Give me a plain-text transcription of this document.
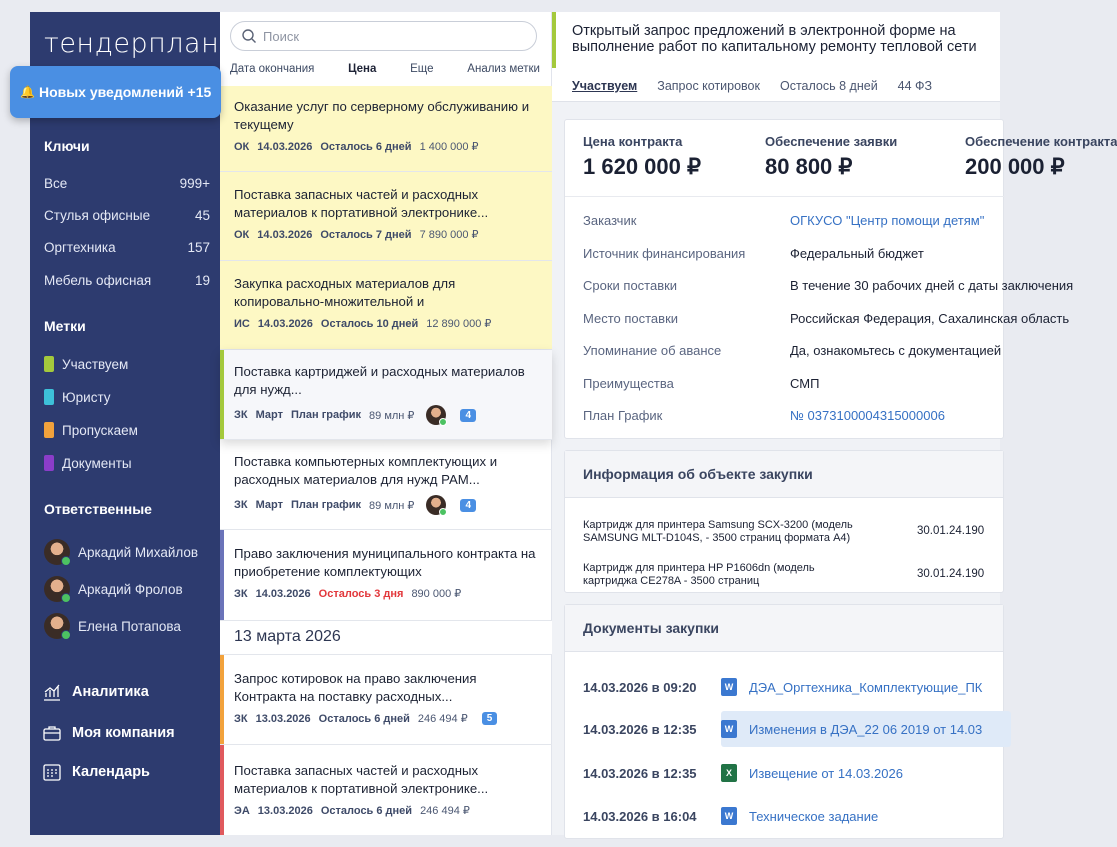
тендерплан
Ключи
Все	999+
Стулья офисные	45
Оргтехника	157
Мебель офисная	19
Метки
Участвуем
Юристу
Пропускаем
Документы
Ответственные
Аркадий Михайлов
Аркадий Фролов
Елена Потапова
Аналитика
Моя компания
Календарь
Поиск
Дата окончания	Цена	Еще	Анализ метки
Оказание услуг по серверному обслуживанию и текущему
ОК 14.03.2026 Осталось 6 дней 1 400 000 ₽
Поставка запасных частей и расходных материалов к портативной электронике...
ОК 14.03.2026 Осталось 7 дней 7 890 000 ₽
Закупка расходных материалов для копировально-множительной и
ИС 14.03.2026 Осталось 10 дней 12 890 000 ₽
Поставка картриджей и расходных материалов для нужд...
ЗК Март План график 89 млн ₽	4
Поставка компьютерных комплектующих и расходных материалов для нужд РАМ...
ЗК Март План график 89 млн ₽	4
Право заключения муниципального контракта на приобретение комплектующих
ЗК 14.03.2026 Осталось 3 дня 890 000 ₽
13 марта 2026
Запрос котировок на право заключения Контракта на поставку расходных...
ЗК 13.03.2026 Осталось 6 дней 246 494 ₽	5
Поставка запасных частей и расходных материалов к портативной электронике...
ЭА 13.03.2026 Осталось 6 дней 246 494 ₽
Открытый запрос предложений в электронной форме на выполнение работ по капитальному ремонту тепловой сети
Участвуем Запрос котировок Осталось 8 дней 44 ФЗ
Цена контракта
1 620 000 ₽
Обеспечение заявки
80 800 ₽
Обеспечение контракта
200 000 ₽
Заказчик	ОГКУСО "Центр помощи детям"
Источник финансирования	Федеральный бюджет
Сроки поставки	В течение 30 рабочих дней с даты заключения
Место поставки	Российская Федерация, Сахалинская область
Упоминание об авансе	Да, ознакомьтесь с документацией
Преимущества	СМП
План График	№ 0373100004315000006
Информация об объекте закупки
Картридж для принтера Samsung SCX-3200 (модель
SAMSUNG MLT-D104S, - 3500 страниц формата А4)
30.01.24.190
Картридж для принтера HP P1606dn (модель
картриджа CE278A - 3500 страниц
30.01.24.190
Документы закупки
14.03.2026 в 09:20	W ДЭА_Оргтехника_Комплектующие_ПК
14.03.2026 в 12:35	W Изменения в ДЭА_22 06 2019 от 14.03
14.03.2026 в 12:35	X	Извещение от 14.03.2026
14.03.2026 в 16:04	W Техническое задание
🔔 Новых уведомлений
+15
